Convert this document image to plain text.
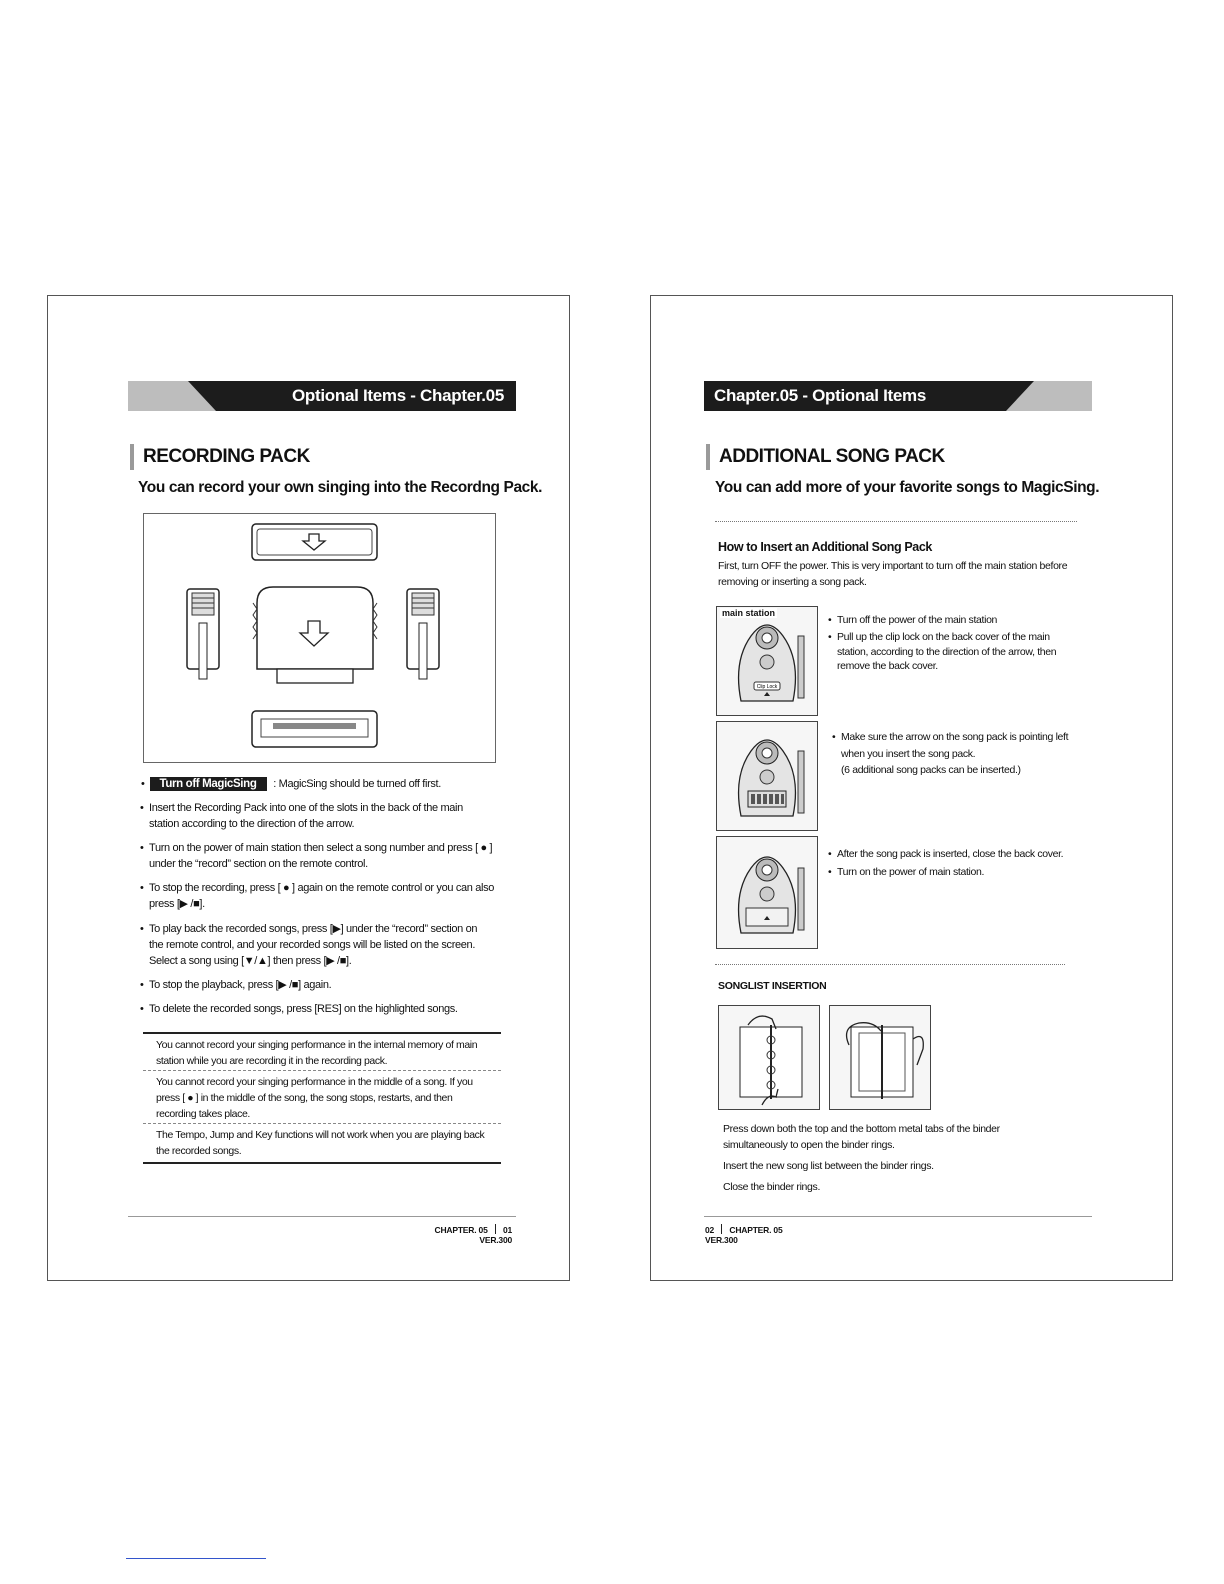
Optional Items - Chapter.05
RECORDING PACK
You can record your own singing into the Recordng Pack.
• Turn off MagicSing : MagicSing should be turned off first.
• Insert the Recording Pack into one of the slots in the back of the main station according to the direction of the arrow.
• Turn on the power of main station then select a song number and press [ ● ] under the “record” section on the remote control.
• To stop the recording, press [ ● ] again on the remote control or you can also press [▶ /■].
• To play back the recorded songs, press [▶] under the “record” section on the remote control, and your recorded songs will be listed on the screen. Select a song using [▼/▲] then press [▶ /■].
• To stop the playback, press [▶ /■] again.
• To delete the recorded songs, press [RES] on the highlighted songs.
You cannot record your singing performance in the internal memory of main station while you are recording it in the recording pack.
You cannot record your singing performance in the middle of a song. If you press [ ● ] in the middle of the song, the song stops, restarts, and then recording takes place.
The Tempo, Jump and Key functions will not work when you are playing back the recorded songs.
CHAPTER. 05 01
VER.300
Chapter.05 - Optional Items
ADDITIONAL SONG PACK
You can add more of your favorite songs to MagicSing.
How to Insert an Additional Song Pack
First, turn OFF the power. This is very important to turn off the main station before removing or inserting a song pack.
Clip Lock
main station
• Turn off the power of the main station
• Pull up the clip lock on the back cover of the main station, according to the direction of the arrow, then remove the back cover.
• Make sure the arrow on the song pack is pointing left when you insert the song pack.
(6 additional song packs can be inserted.)
• After the song pack is inserted, close the back cover.
• Turn on the power of main station.
SONGLIST INSERTION
Press down both the top and the bottom metal tabs of the binder simultaneously to open the binder rings.
Insert the new song list between the binder rings.
Close the binder rings.
02 CHAPTER. 05
VER.300
